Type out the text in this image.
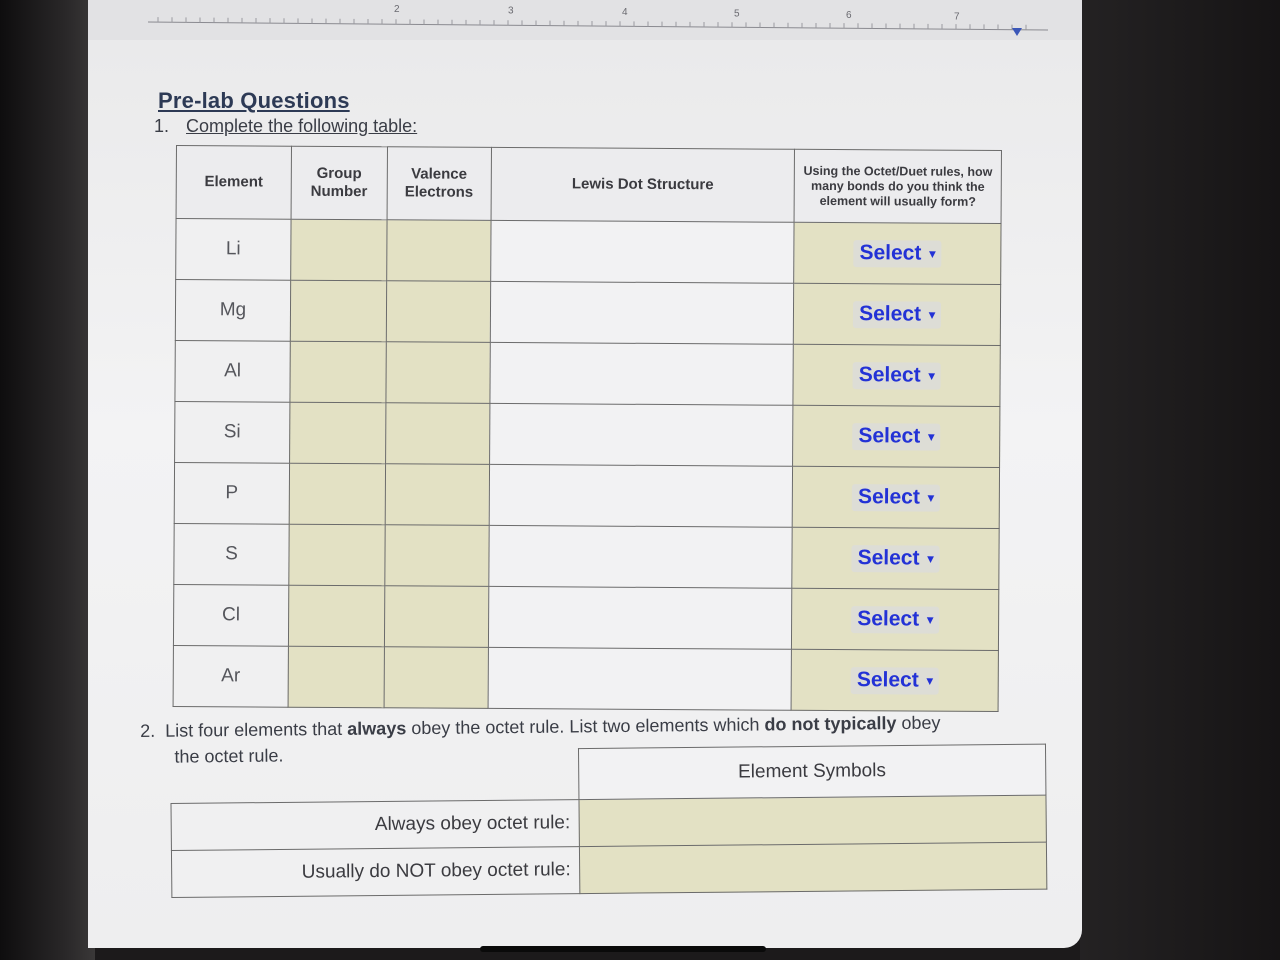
2	3	4	5	6	7
Pre-lab Questions
1. Complete the following table:
Element	Group Number	Valence Electrons	Lewis Dot Structure	Using the Octet/Duet rules, how many bonds do you think the element will usually form?
Li				Select ▾
Mg				Select ▾
Al				Select ▾
Si				Select ▾
P				Select ▾
S				Select ▾
Cl				Select ▾
Ar				Select ▾
2. List four elements that always obey the octet rule. List two elements which do not typically obey
the octet rule.
	Element Symbols
Always obey octet rule:	
Usually do NOT obey octet rule:	
